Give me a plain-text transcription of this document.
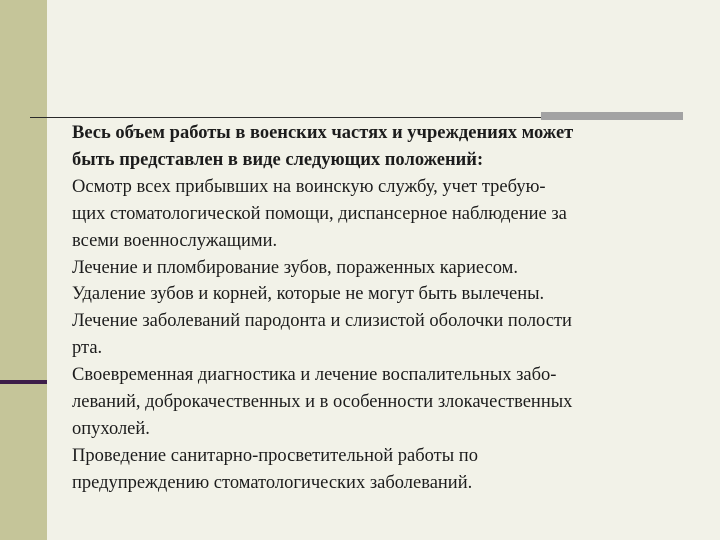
Весь объем работы в военских частях и учреждениях может

быть представлен в виде следующих положений:

Осмотр всех прибывших на воинскую службу, учет требую-

щих стоматологической помощи, диспансерное наблюдение за

всеми военнослужащими.

Лечение и пломбирование зубов, пораженных кариесом.

Удаление зубов и корней, которые не могут быть вылечены.

Лечение заболеваний пародонта и слизистой оболочки полости

рта.

Своевременная диагностика и лечение воспалительных забо-

леваний, доброкачественных и в особенности злокачественных

опухолей.

Проведение санитарно-просветительной работы по

предупреждению стоматологических заболеваний.
